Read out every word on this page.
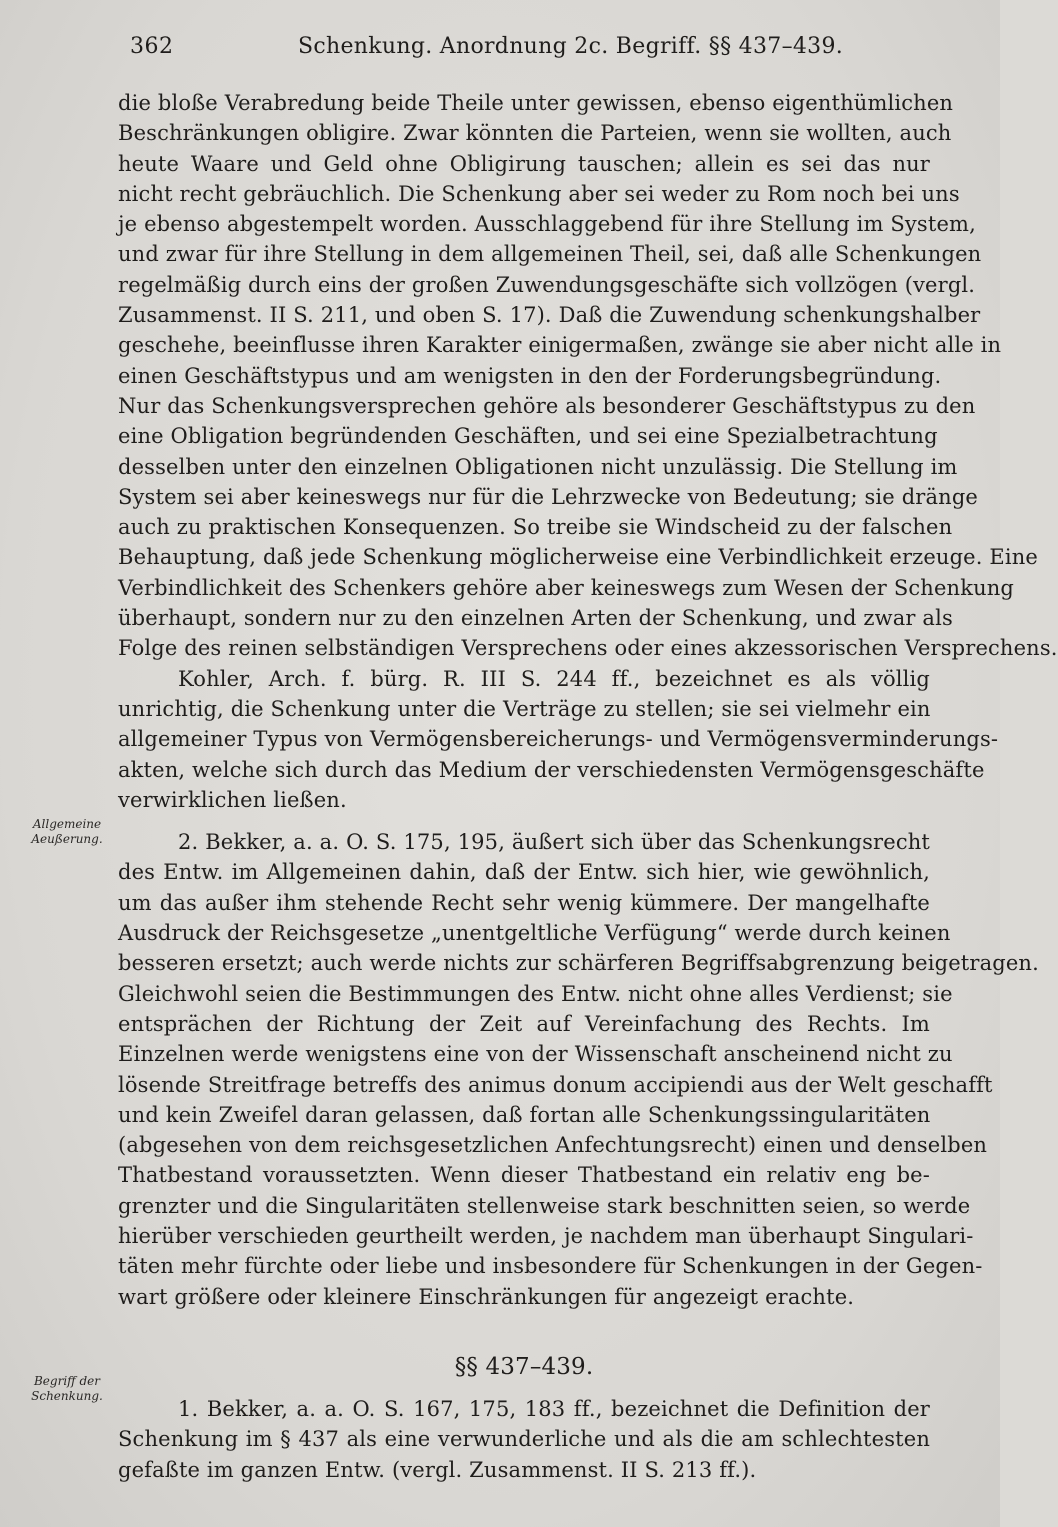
362	Schenkung. Anordnung 2c. Begriff. §§ 437–439.
Allgemeine
Aeußerung.
Begriff der
Schenkung.
die bloße Verabredung beide Theile unter gewissen, ebenso eigenthümlichen
Beschränkungen obligire. Zwar könnten die Parteien, wenn sie wollten, auch
heute Waare und Geld ohne Obligirung tauschen; allein es sei das nur
nicht recht gebräuchlich. Die Schenkung aber sei weder zu Rom noch bei uns
je ebenso abgestempelt worden. Ausschlaggebend für ihre Stellung im System,
und zwar für ihre Stellung in dem allgemeinen Theil, sei, daß alle Schenkungen
regelmäßig durch eins der großen Zuwendungsgeschäfte sich vollzögen (vergl.
Zusammenst. II S. 211, und oben S. 17). Daß die Zuwendung schenkungshalber
geschehe, beeinflusse ihren Karakter einigermaßen, zwänge sie aber nicht alle in
einen Geschäftstypus und am wenigsten in den der Forderungsbegründung.
Nur das Schenkungsversprechen gehöre als besonderer Geschäftstypus zu den
eine Obligation begründenden Geschäften, und sei eine Spezialbetrachtung
desselben unter den einzelnen Obligationen nicht unzulässig. Die Stellung im
System sei aber keineswegs nur für die Lehrzwecke von Bedeutung; sie dränge
auch zu praktischen Konsequenzen. So treibe sie Windscheid zu der falschen
Behauptung, daß jede Schenkung möglicherweise eine Verbindlichkeit erzeuge. Eine
Verbindlichkeit des Schenkers gehöre aber keineswegs zum Wesen der Schenkung
überhaupt, sondern nur zu den einzelnen Arten der Schenkung, und zwar als
Folge des reinen selbständigen Versprechens oder eines akzessorischen Versprechens.
Kohler, Arch. f. bürg. R. III S. 244 ff., bezeichnet es als völlig
unrichtig, die Schenkung unter die Verträge zu stellen; sie sei vielmehr ein
allgemeiner Typus von Vermögensbereicherungs- und Vermögensverminderungs-
akten, welche sich durch das Medium der verschiedensten Vermögensgeschäfte
verwirklichen ließen.
2. Bekker, a. a. O. S. 175, 195, äußert sich über das Schenkungsrecht
des Entw. im Allgemeinen dahin, daß der Entw. sich hier, wie gewöhnlich,
um das außer ihm stehende Recht sehr wenig kümmere. Der mangelhafte
Ausdruck der Reichsgesetze „unentgeltliche Verfügung“ werde durch keinen
besseren ersetzt; auch werde nichts zur schärferen Begriffsabgrenzung beigetragen.
Gleichwohl seien die Bestimmungen des Entw. nicht ohne alles Verdienst; sie
entsprächen der Richtung der Zeit auf Vereinfachung des Rechts. Im
Einzelnen werde wenigstens eine von der Wissenschaft anscheinend nicht zu
lösende Streitfrage betreffs des animus donum accipiendi aus der Welt geschafft
und kein Zweifel daran gelassen, daß fortan alle Schenkungssingularitäten
(abgesehen von dem reichsgesetzlichen Anfechtungsrecht) einen und denselben
Thatbestand voraussetzten. Wenn dieser Thatbestand ein relativ eng be-
grenzter und die Singularitäten stellenweise stark beschnitten seien, so werde
hierüber verschieden geurtheilt werden, je nachdem man überhaupt Singulari-
täten mehr fürchte oder liebe und insbesondere für Schenkungen in der Gegen-
wart größere oder kleinere Einschränkungen für angezeigt erachte.
§§ 437–439.
1. Bekker, a. a. O. S. 167, 175, 183 ff., bezeichnet die Definition der
Schenkung im § 437 als eine verwunderliche und als die am schlechtesten
gefaßte im ganzen Entw. (vergl. Zusammenst. II S. 213 ff.).
